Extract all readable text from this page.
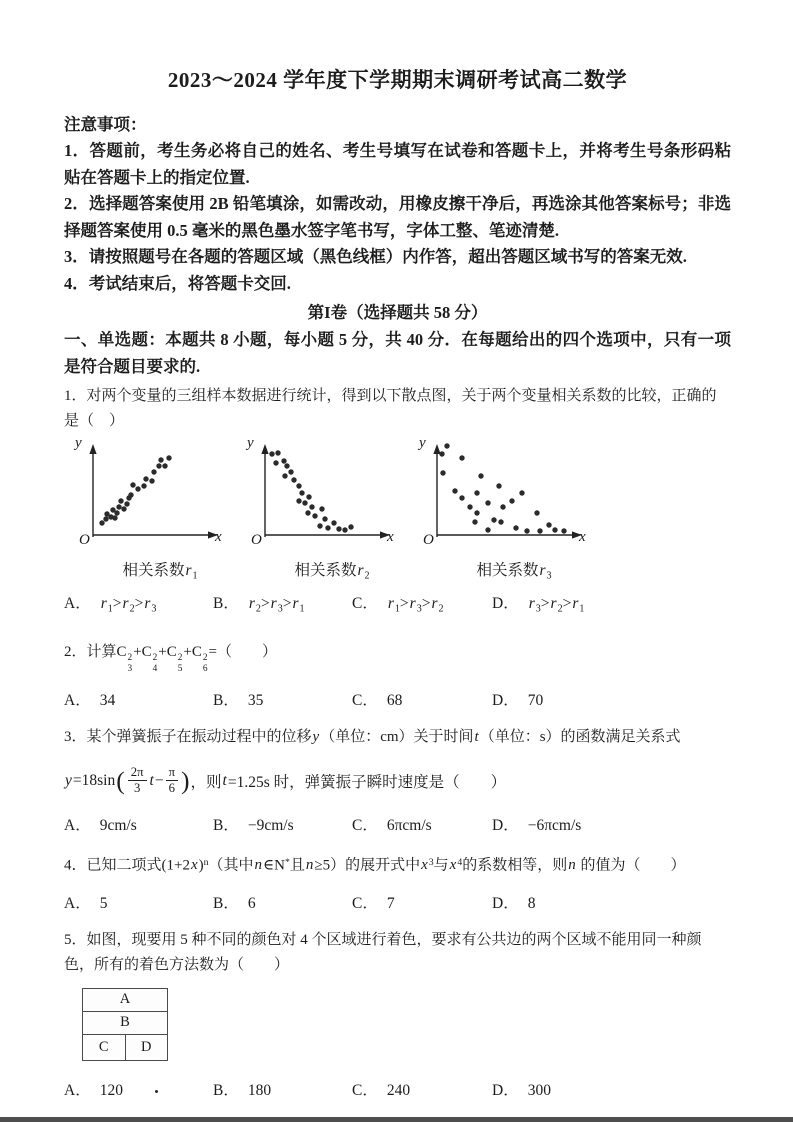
2023～2024 学年度下学期期末调研考试高二数学

注意事项：

1．答题前，考生务必将自己的姓名、考生号填写在试卷和答题卡上，并将考生号条形码粘贴在答题卡上的指定位置.

2．选择题答案使用 2B 铅笔填涂，如需改动，用橡皮擦干净后，再选涂其他答案标号；非选择题答案使用 0.5 毫米的黑色墨水签字笔书写，字体工整、笔迹清楚.

3．请按照题号在各题的答题区域（黑色线框）内作答，超出答题区域书写的答案无效.

4．考试结束后，将答题卡交回.

第I卷（选择题共 58 分）

一、单选题：本题共 8 小题，每小题 5 分，共 40 分．在每题给出的四个选项中，只有一项是符合题目要求的.

1．对两个变量的三组样本数据进行统计，得到以下散点图，关于两个变量相关系数的比较，正确的是（　）

y
x
O
相关系数$r_1$
y
x
O
相关系数$r_2$
y
x
O
相关系数$r_3$
A． $r_1>r_2>r_3$	B． $r_2>r_3>r_1$	C． $r_1>r_3>r_2$	D． $r_3>r_2>r_1$

2．计算C 2
3
+C 2
4
+C 2
5
+C 2
6
=（　　）

A． 34	B． 35	C． 68	D． 70

3．某个弹簧振子在振动过程中的位移y（单位：cm）关于时间t（单位：s）的函数满足关系式

y =18sin ( 2π
3 t − π
6 ) ，则 t =1.25s 时，弹簧振子瞬时速度是（　　）
A． 9cm/s	B． −9cm/s	C． 6πcm/s	D． −6πcm/s

4．已知二项式$(1+2x)^n$（其中n∈N*且n≥5）的展开式中$x^3$与$x^4$的系数相等，则n 的值为（　　）

A． 5	B． 6	C． 7	D． 8

5．如图，现要用 5 种不同的颜色对 4 个区域进行着色，要求有公共边的两个区域不能用同一种颜色，所有的着色方法数为（　　）

A
B
C D
A． 120	B． 180	C． 240	D． 300
